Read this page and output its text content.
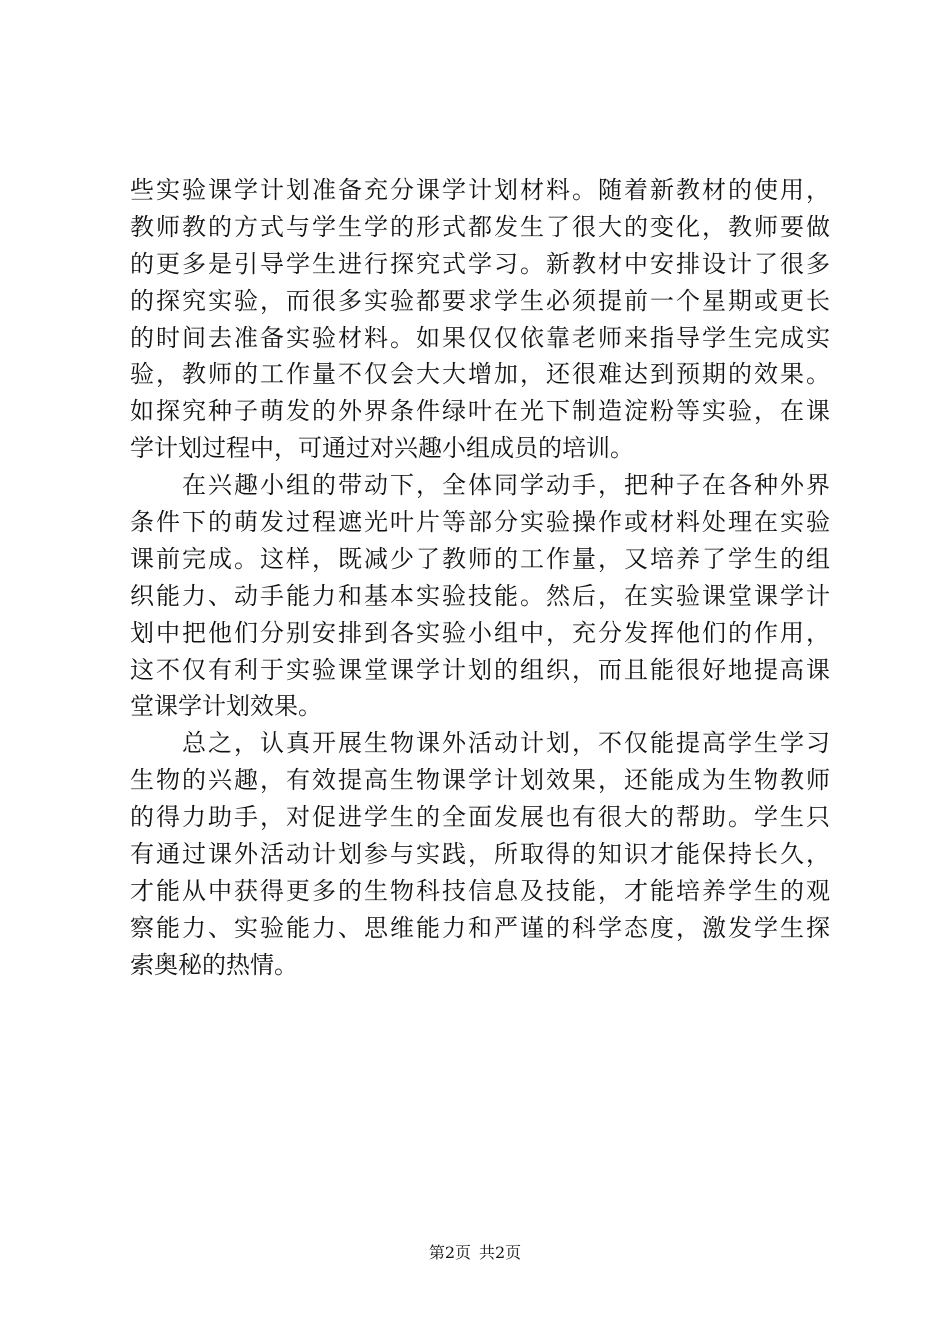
些实验课学计划准备充分课学计划材料。随着新教材的使用，
教师教的方式与学生学的形式都发生了很大的变化，教师要做
的更多是引导学生进行探究式学习。新教材中安排设计了很多
的探究实验，而很多实验都要求学生必须提前一个星期或更长
的时间去准备实验材料。如果仅仅依靠老师来指导学生完成实
验，教师的工作量不仅会大大增加，还很难达到预期的效果。
如探究种子萌发的外界条件绿叶在光下制造淀粉等实验，在课
学计划过程中，可通过对兴趣小组成员的培训。
　　在兴趣小组的带动下，全体同学动手，把种子在各种外界
条件下的萌发过程遮光叶片等部分实验操作或材料处理在实验
课前完成。这样，既减少了教师的工作量，又培养了学生的组
织能力、动手能力和基本实验技能。然后，在实验课堂课学计
划中把他们分别安排到各实验小组中，充分发挥他们的作用，
这不仅有利于实验课堂课学计划的组织，而且能很好地提高课
堂课学计划效果。
　　总之，认真开展生物课外活动计划，不仅能提高学生学习
生物的兴趣，有效提高生物课学计划效果，还能成为生物教师
的得力助手，对促进学生的全面发展也有很大的帮助。学生只
有通过课外活动计划参与实践，所取得的知识才能保持长久，
才能从中获得更多的生物科技信息及技能，才能培养学生的观
察能力、实验能力、思维能力和严谨的科学态度，激发学生探
索奥秘的热情。
第2页 共2页
